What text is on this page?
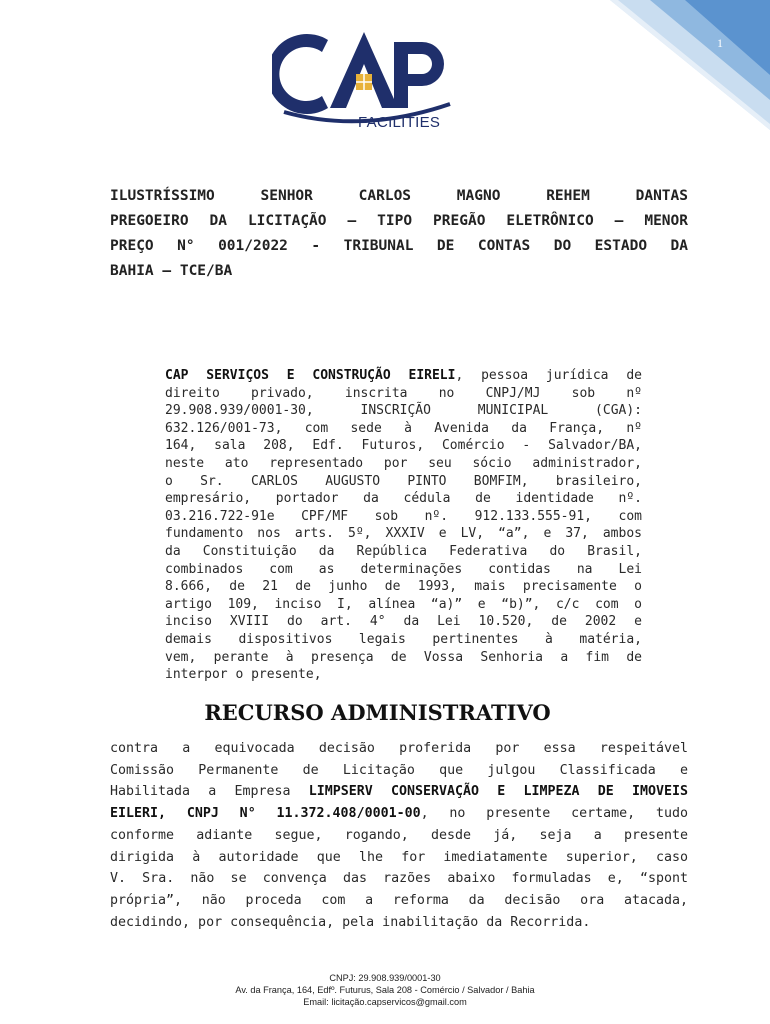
1
FACILITIES
ILUSTRÍSSIMO SENHOR CARLOS MAGNO REHEM DANTAS
PREGOEIRO DA LICITAÇÃO – TIPO PREGÃO ELETRÔNICO – MENOR
PREÇO N° 001/2022 - TRIBUNAL DE CONTAS DO ESTADO DA
BAHIA – TCE/BA
CAP SERVIÇOS E CONSTRUÇÃO EIRELI, pessoa jurídica de
direito privado, inscrita no CNPJ/MJ sob nº
29.908.939/0001-30, INSCRIÇÃO MUNICIPAL (CGA):
632.126/001-73, com sede à Avenida da França, nº
164, sala 208, Edf. Futuros, Comércio - Salvador/BA,
neste ato representado por seu sócio administrador,
o Sr. CARLOS AUGUSTO PINTO BOMFIM, brasileiro,
empresário, portador da cédula de identidade nº.
03.216.722-91e CPF/MF sob nº. 912.133.555-91, com
fundamento nos arts. 5º, XXXIV e LV, “a”, e 37, ambos
da Constituição da República Federativa do Brasil,
combinados com as determinações contidas na Lei
8.666, de 21 de junho de 1993, mais precisamente o
artigo 109, inciso I, alínea “a)” e “b)”, c/c com o
inciso XVIII do art. 4° da Lei 10.520, de 2002 e
demais dispositivos legais pertinentes à matéria,
vem, perante à presença de Vossa Senhoria a fim de
interpor o presente,
RECURSO ADMINISTRATIVO
contra a equivocada decisão proferida por essa respeitável
Comissão Permanente de Licitação que julgou Classificada e
Habilitada a Empresa LIMPSERV CONSERVAÇÃO E LIMPEZA DE IMOVEIS
EILERI, CNPJ N° 11.372.408/0001-00, no presente certame, tudo
conforme adiante segue, rogando, desde já, seja a presente
dirigida à autoridade que lhe for imediatamente superior, caso
V. Sra. não se convença das razões abaixo formuladas e, “spont
própria”, não proceda com a reforma da decisão ora atacada,
decidindo, por consequência, pela inabilitação da Recorrida.
CNPJ: 29.908.939/0001-30
Av. da França, 164, Edfº. Futurus, Sala 208 - Comércio / Salvador / Bahia
Email: licitação.capservicos@gmail.com
